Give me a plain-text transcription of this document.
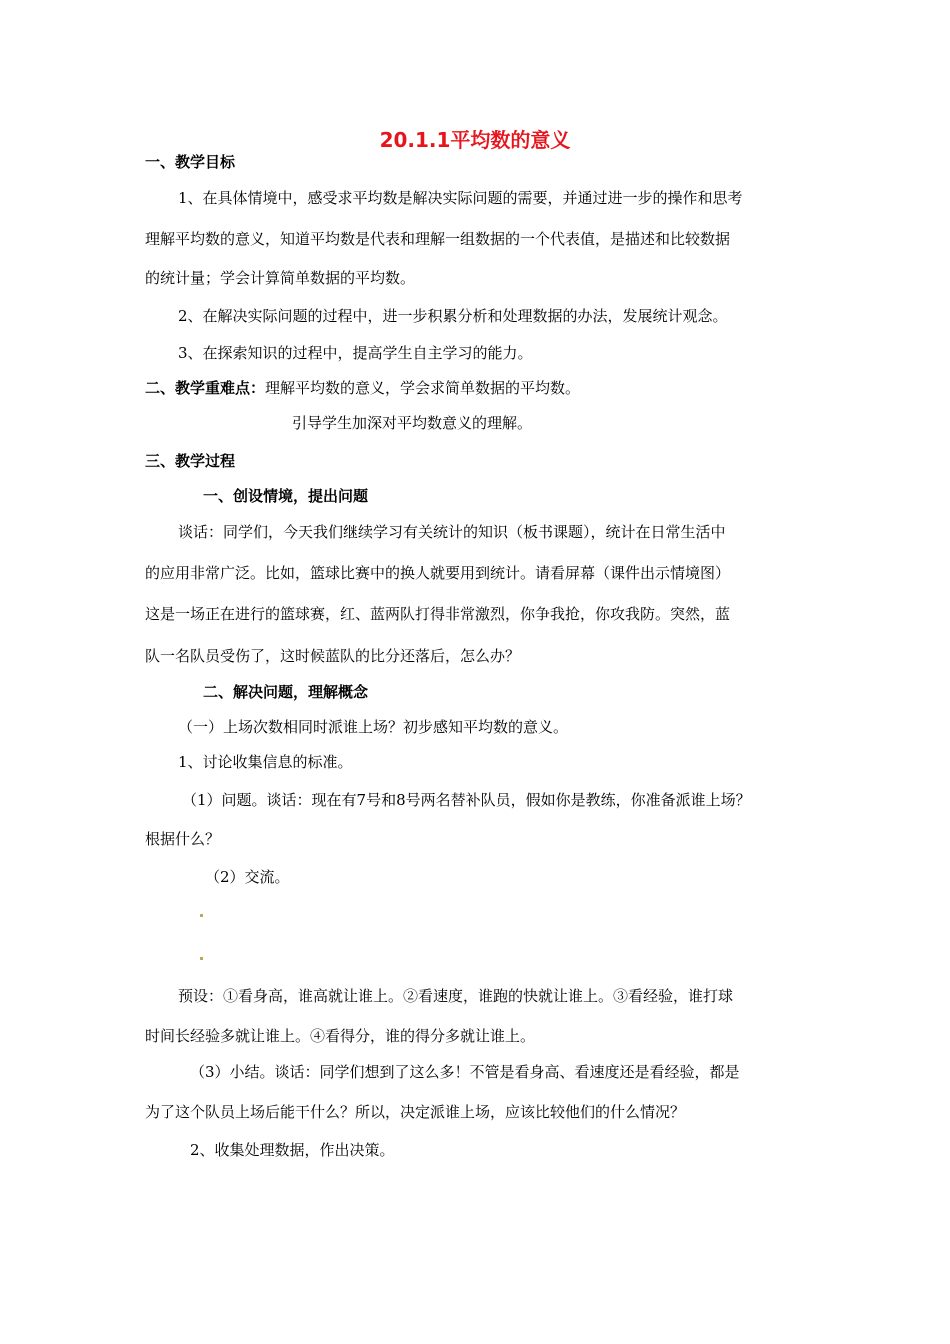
20.1.1平均数的意义
一、教学目标
1、在具体情境中，感受求平均数是解决实际问题的需要，并通过进一步的操作和思考
理解平均数的意义，知道平均数是代表和理解一组数据的一个代表值，是描述和比较数据
的统计量；学会计算简单数据的平均数。
2、在解决实际问题的过程中，进一步积累分析和处理数据的办法，发展统计观念。
3、在探索知识的过程中，提高学生自主学习的能力。
二、教学重难点：理解平均数的意义，学会求简单数据的平均数。
引导学生加深对平均数意义的理解。
三、教学过程
一、创设情境，提出问题
谈话：同学们，今天我们继续学习有关统计的知识（板书课题），统计在日常生活中
的应用非常广泛。比如，篮球比赛中的换人就要用到统计。请看屏幕（课件出示情境图）
这是一场正在进行的篮球赛，红、蓝两队打得非常激烈，你争我抢，你攻我防。突然，蓝
队一名队员受伤了，这时候蓝队的比分还落后，怎么办？
二、解决问题，理解概念
（一）上场次数相同时派谁上场？初步感知平均数的意义。
1、讨论收集信息的标准。
（1）问题。谈话：现在有7号和8号两名替补队员，假如你是教练，你准备派谁上场？
根据什么？
（2）交流。
预设：①看身高，谁高就让谁上。②看速度，谁跑的快就让谁上。③看经验，谁打球
时间长经验多就让谁上。④看得分，谁的得分多就让谁上。
（3）小结。谈话：同学们想到了这么多！不管是看身高、看速度还是看经验，都是
为了这个队员上场后能干什么？所以，决定派谁上场，应该比较他们的什么情况？
2、收集处理数据，作出决策。
